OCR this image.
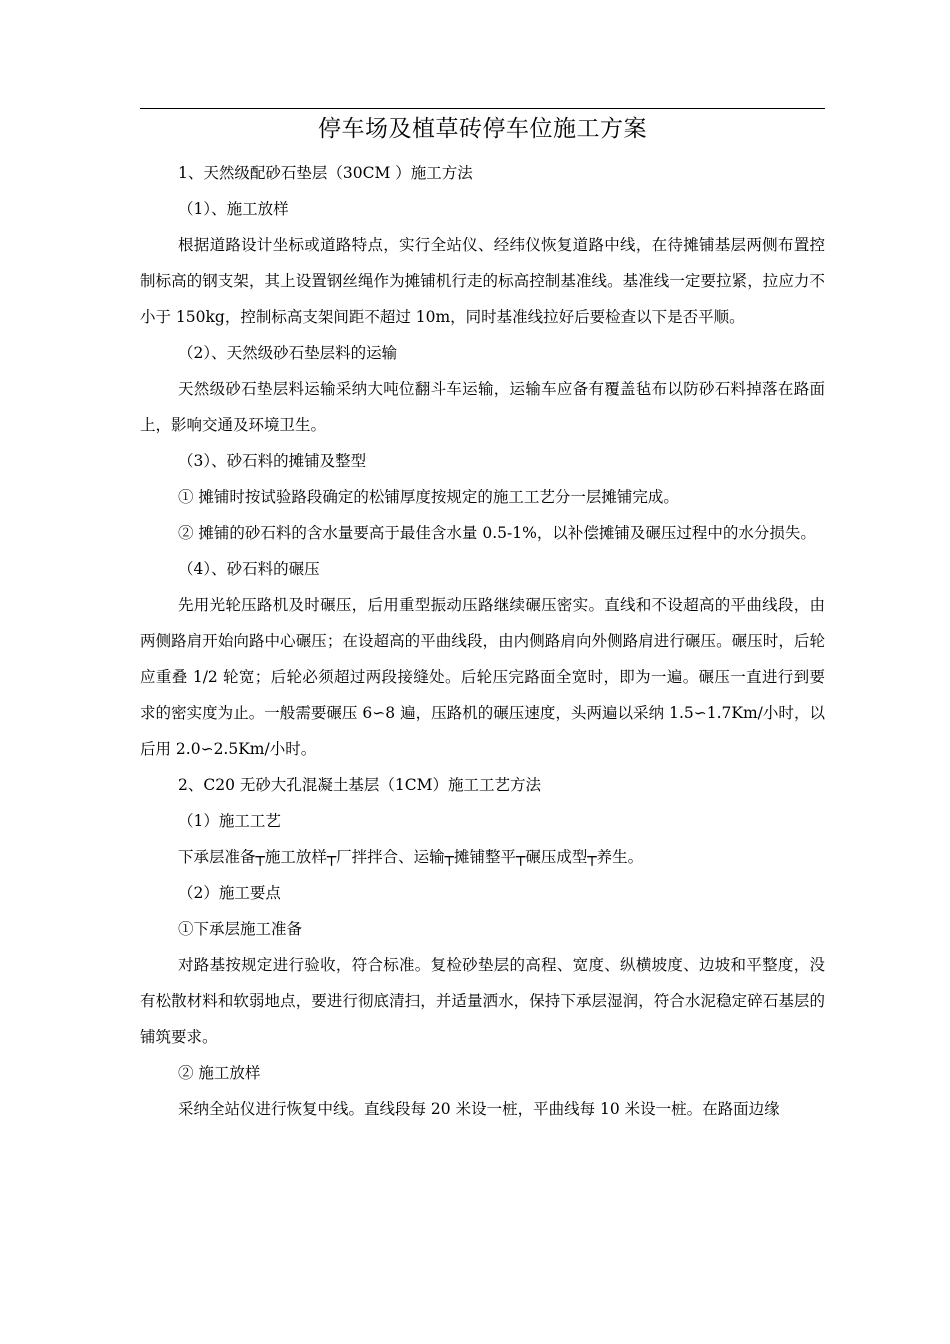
停车场及植草砖停车位施工方案

1、天然级配砂石垫层（30CM ）施工方法

（1）、施工放样

根据道路设计坐标或道路特点，实行全站仪、经纬仪恢复道路中线，在待摊铺基层两侧布置控制标高的钢支架，其上设置钢丝绳作为摊铺机行走的标高控制基准线。基准线一定要拉紧，拉应力不小于 150kg，控制标高支架间距不超过 10m，同时基准线拉好后要检查以下是否平顺。

（2）、天然级砂石垫层料的运输

天然级砂石垫层料运输采纳大吨位翻斗车运输，运输车应备有覆盖毡布以防砂石料掉落在路面上，影响交通及环境卫生。

（3）、砂石料的摊铺及整型

① 摊铺时按试验路段确定的松铺厚度按规定的施工工艺分一层摊铺完成。

② 摊铺的砂石料的含水量要高于最佳含水量 0.5-1%，以补偿摊铺及碾压过程中的水分损失。

（4）、砂石料的碾压

先用光轮压路机及时碾压，后用重型振动压路继续碾压密实。直线和不设超高的平曲线段，由两侧路肩开始向路中心碾压；在设超高的平曲线段，由内侧路肩向外侧路肩进行碾压。碾压时，后轮应重叠 1/2 轮宽；后轮必须超过两段接缝处。后轮压完路面全宽时，即为一遍。碾压一直进行到要求的密实度为止。一般需要碾压 6∽8 遍，压路机的碾压速度，头两遍以采纳 1.5∽1.7Km/小时，以后用 2.0∽2.5Km/小时。

2、C20 无砂大孔混凝土基层（1CM）施工工艺方法

（1）施工工艺

下承层准备┬施工放样┬厂拌拌合、运输┬摊铺整平┬碾压成型┬养生。

（2）施工要点

①下承层施工准备

对路基按规定进行验收，符合标准。复检砂垫层的高程、宽度、纵横坡度、边坡和平整度，没有松散材料和软弱地点，要进行彻底清扫，并适量洒水，保持下承层湿润，符合水泥稳定碎石基层的铺筑要求。

② 施工放样

采纳全站仪进行恢复中线。直线段每 20 米设一桩，平曲线每 10 米设一桩。在路面边缘
